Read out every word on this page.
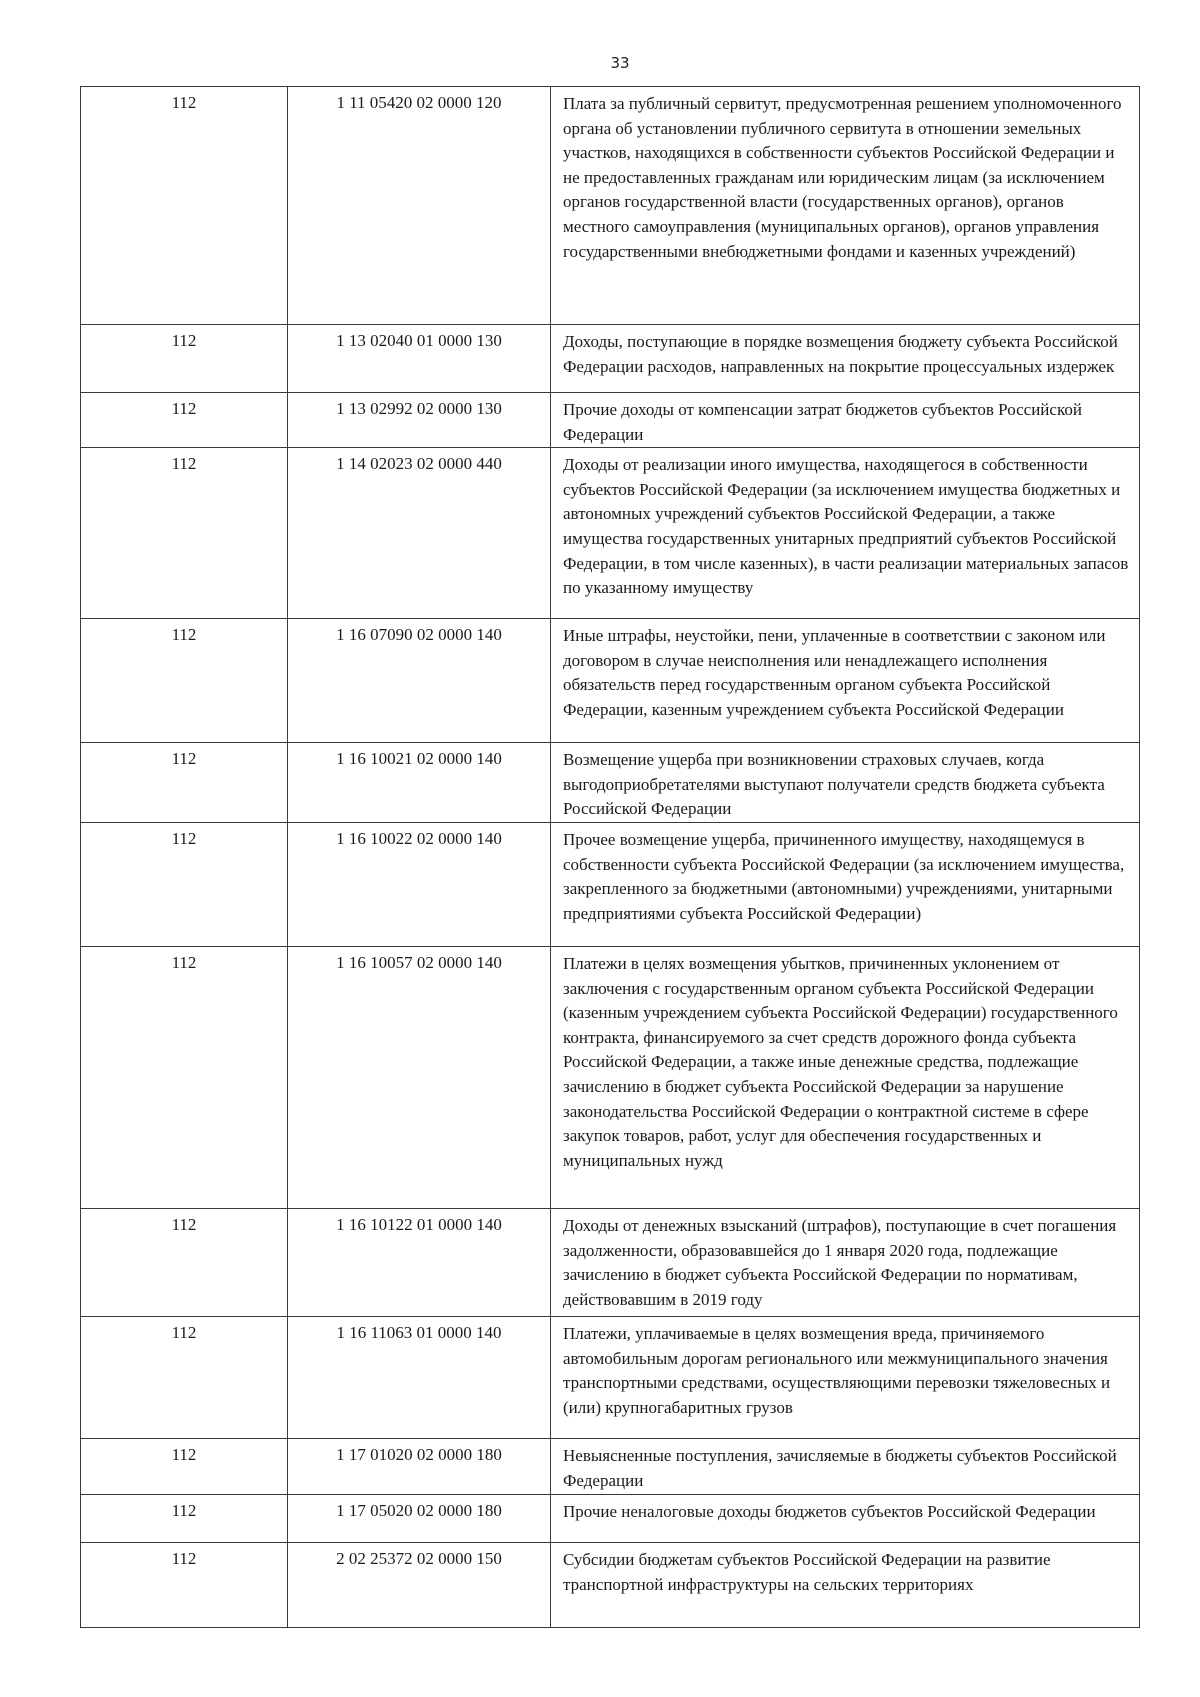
33
112	1 11 05420 02 0000 120	Плата за публичный сервитут, предусмотренная решением уполномоченного органа об установлении публичного сервитута в отношении земельных участков, находящихся в собственности субъектов Российской Федерации и не предоставленных гражданам или юридическим лицам (за исключением органов государственной власти (государственных органов), органов местного самоуправления (муниципальных органов), органов управления государственными внебюджетными фондами и казенных учреждений)
112	1 13 02040 01 0000 130	Доходы, поступающие в порядке возмещения бюджету субъекта Российской Федерации расходов, направленных на покрытие процессуальных издержек
112	1 13 02992 02 0000 130	Прочие доходы от компенсации затрат бюджетов субъектов Российской Федерации
112	1 14 02023 02 0000 440	Доходы от реализации иного имущества, находящегося в собственности субъектов Российской Федерации (за исключением имущества бюджетных и автономных учреждений субъектов Российской Федерации, а также имущества государственных унитарных предприятий субъектов Российской Федерации, в том числе казенных), в части реализации материальных запасов по указанному имуществу
112	1 16 07090 02 0000 140	Иные штрафы, неустойки, пени, уплаченные в соответствии с законом или договором в случае неисполнения или ненадлежащего исполнения обязательств перед государственным органом субъекта Российской Федерации, казенным учреждением субъекта Российской Федерации
112	1 16 10021 02 0000 140	Возмещение ущерба при возникновении страховых случаев, когда выгодоприобретателями выступают получатели средств бюджета субъекта Российской Федерации
112	1 16 10022 02 0000 140	Прочее возмещение ущерба, причиненного имуществу, находящемуся в собственности субъекта Российской Федерации (за исключением имущества, закрепленного за бюджетными (автономными) учреждениями, унитарными предприятиями субъекта Российской Федерации)
112	1 16 10057 02 0000 140	Платежи в целях возмещения убытков, причиненных уклонением от заключения с государственным органом субъекта Российской Федерации (казенным учреждением субъекта Российской Федерации) государственного контракта, финансируемого за счет средств дорожного фонда субъекта Российской Федерации, а также иные денежные средства, подлежащие зачислению в бюджет субъекта Российской Федерации за нарушение законодательства Российской Федерации о контрактной системе в сфере закупок товаров, работ, услуг для обеспечения государственных и муниципальных нужд
112	1 16 10122 01 0000 140	Доходы от денежных взысканий (штрафов), поступающие в счет погашения задолженности, образовавшейся до 1 января 2020 года, подлежащие зачислению в бюджет субъекта Российской Федерации по нормативам, действовавшим в 2019 году
112	1 16 11063 01 0000 140	Платежи, уплачиваемые в целях возмещения вреда, причиняемого автомобильным дорогам регионального или межмуниципального значения транспортными средствами, осуществляющими перевозки тяжеловесных и (или) крупногабаритных грузов
112	1 17 01020 02 0000 180	Невыясненные поступления, зачисляемые в бюджеты субъектов Российской Федерации
112	1 17 05020 02 0000 180	Прочие неналоговые доходы бюджетов субъектов Российской Федерации
112	2 02 25372 02 0000 150	Субсидии бюджетам субъектов Российской Федерации на развитие транспортной инфраструктуры на сельских территориях
